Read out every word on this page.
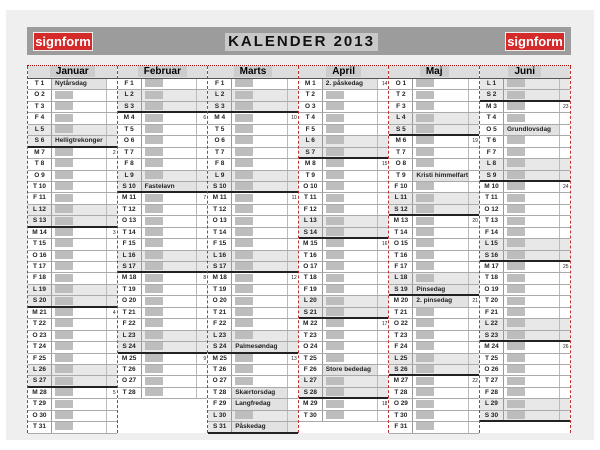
signform	KALENDER 2013	signform
Januar
T 1	Nytårsdag
O 2
T 3
F 4
L 5
S 6	Helligtrekonger
M 7	2
T 8
O 9
T 10
F 11
L 12
S 13
M 14	3
T 15
O 16
T 17
F 18
L 19
S 20
M 21	4
T 22
O 23
T 24
F 25
L 26
S 27
M 28	5
T 29
O 30
T 31
Februar
F 1
L 2
S 3
M 4	6
T 5
O 6
T 7
F 8
L 9
S 10	Fastelavn
M 11	7
T 12
O 13
T 14
F 15
L 16
S 17
M 18	8
T 19
O 20
T 21
F 22
L 23
S 24
M 25	9
T 26
O 27
T 28
Marts
F 1
L 2
S 3
M 4	10
T 5
O 6
T 7
F 8
L 9
S 10
M 11	11
T 12
O 13
T 14
F 15
L 16
S 17
M 18	12
T 19
O 20
T 21
F 22
L 23
S 24	Palmesøndag
M 25	13
T 26
O 27
T 28	Skærtorsdag
F 29	Langfredag
L 30
S 31	Påskedag
April
M 1	2. påskedag	14
T 2
O 3
T 4
F 5
L 6
S 7
M 8	15
T 9
O 10
T 11
F 12
L 13
S 14
M 15	16
T 16
O 17
T 18
F 19
L 20
S 21
M 22	17
T 23
O 24
T 25
F 26	Store bededag
L 27
S 28
M 29	18
T 30
Maj
O 1
T 2
F 3
L 4
S 5
M 6	19
T 7
O 8
T 9	Kristi himmelfart
F 10
L 11
S 12
M 13	20
T 14
O 15
T 16
F 17
L 18
S 19	Pinsedag
M 20	2. pinsedag	21
T 21
O 22
T 23
F 24
L 25
S 26
M 27	22
T 28
O 29
T 30
F 31
Juni
L 1
S 2
M 3	23
T 4
O 5	Grundlovsdag
T 6
F 7
L 8
S 9
M 10	24
T 11
O 12
T 13
F 14
L 15
S 16
M 17	25
T 18
O 19
T 20
F 21
L 22
S 23
M 24	26
T 25
O 26
T 27
F 28
L 29
S 30
